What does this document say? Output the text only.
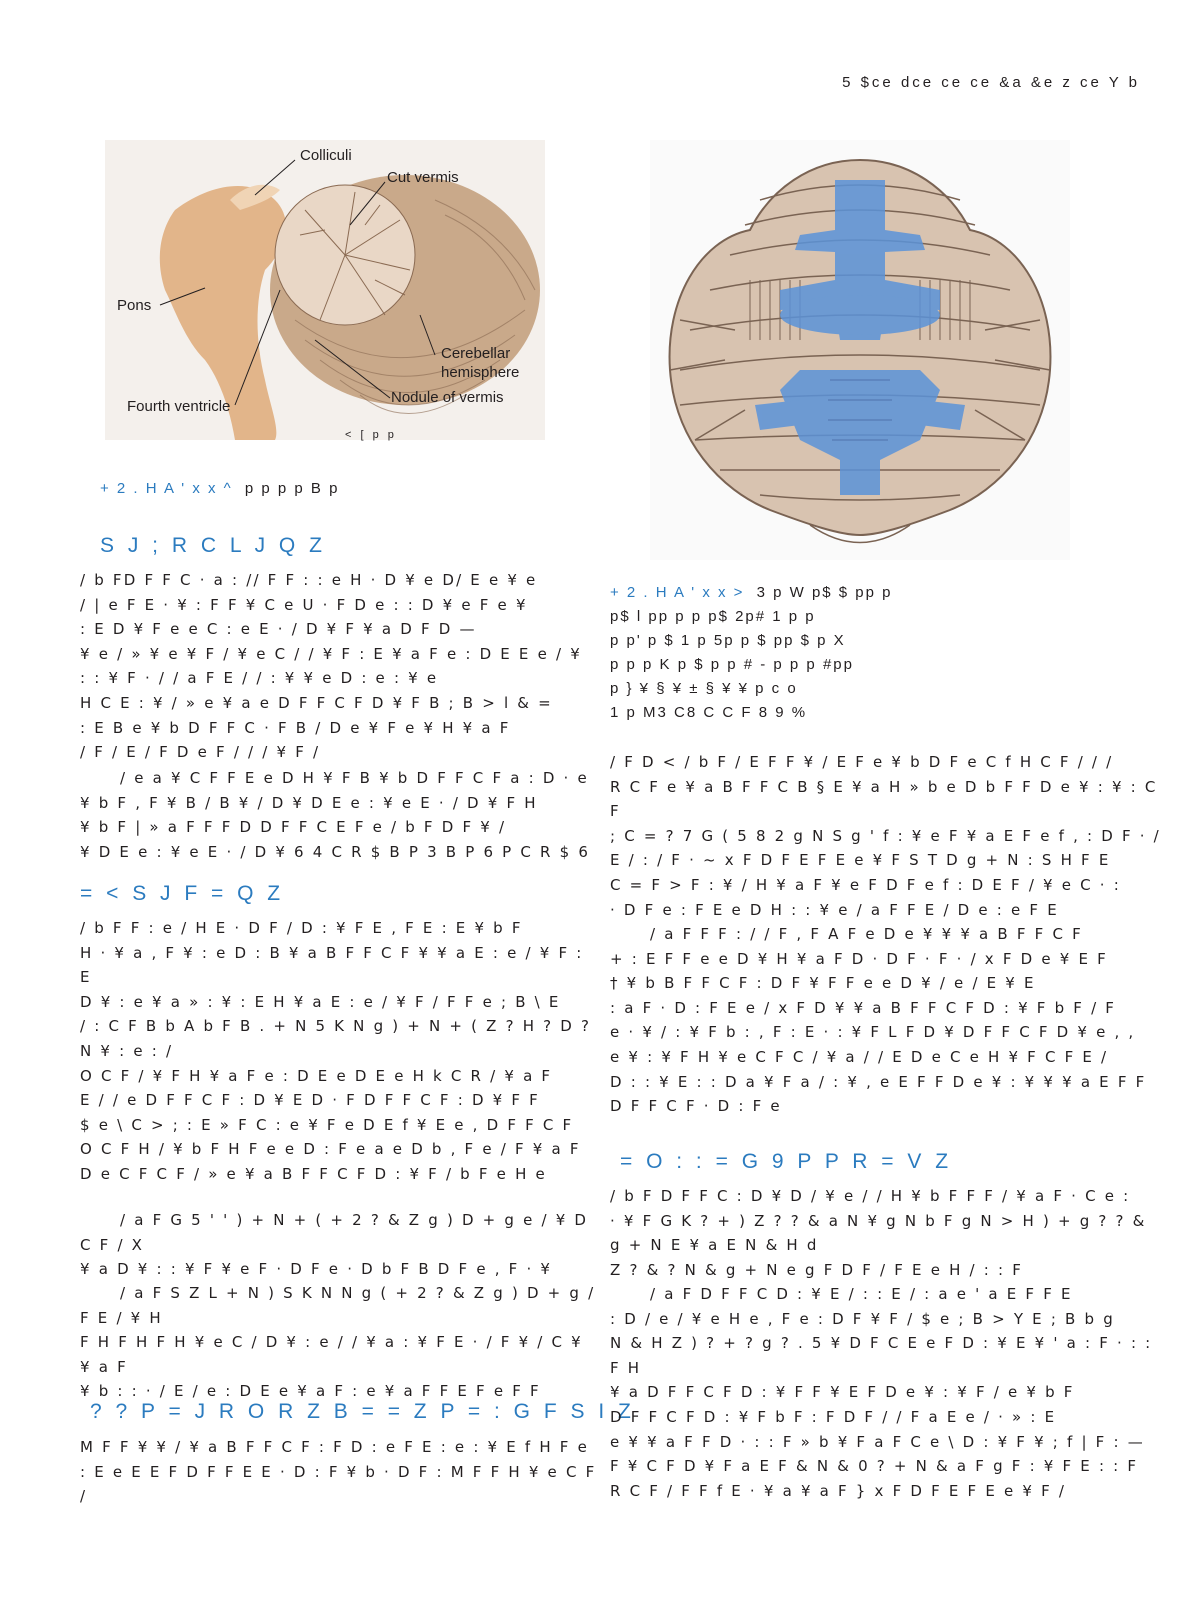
5 $ce dce ce ce &a &e z ce Y b
Colliculi
Cut vermis
Pons
Cerebellar
hemisphere
Nodule of vermis
Fourth ventricle
< [ p p
+ 2 . H A ' x x ^ p p p p B p
+ 2 . H A ' x x > 3 p W p$ $ pp p
p$ l pp p p p$ 2p# 1 p p
p p' p $ 1 p 5p p $ pp $ p X
p p p K p $ p p # - p p p #pp
p } ¥ § ¥ ± § ¥ ¥ p c o
1 p M3 C8 C C F 8 9 %
S J ; R C L J Q Z
/ b FD F F C · a : // F F : : e H · D ¥ e D/ E e ¥ e
/ | e F E · ¥ : F F ¥ C e U · F D e : : D ¥ e F e ¥
: E D ¥ F e e C : e E · / D ¥ F ¥ a D F D —
¥ e / » ¥ e ¥ F / ¥ e C / / ¥ F : E ¥ a F e : D E E e / ¥
: : ¥ F · / / a F E / / : ¥ ¥ e D : e : ¥ e
H C E : ¥ / » e ¥ a e D F F C F D ¥ F B ; B > l & =
: E B e ¥ b D F F C · F B / D e ¥ F e ¥ H ¥ a F
/ F / E / F D e F / / / ¥ F /
/ e a ¥ C F F E e D H ¥ F B ¥ b D F F C F a : D · e
¥ b F , F ¥ B / B ¥ / D ¥ D E e : ¥ e E · / D ¥ F H
¥ b F | » a F F F D D F F C E F e / b F D F ¥ /
¥ D E e : ¥ e E · / D ¥ 6 4 C R $ B P 3 B P 6 P C R $ 6
= < S J F = Q Z
/ b F F : e / H E · D F / D : ¥ F E , F E : E ¥ b F
H · ¥ a , F ¥ : e D : B ¥ a B F F C F ¥ ¥ a E : e / ¥ F : E
D ¥ : e ¥ a » : ¥ : E H ¥ a E : e / ¥ F / F F e ; B \ E
/ : C F B b A b F B . + N 5 K N g ) + N + ( Z ? H ? D ? N ¥ : e : /
O C F / ¥ F H ¥ a F e : D E e D E e H k C R / ¥ a F
E / / e D F F C F : D ¥ E D · F D F F C F : D ¥ F F
$ e \ C > ; : E » F C : e ¥ F e D E f ¥ E e , D F F C F
O C F H / ¥ b F H F e e D : F e a e D b , F e / F ¥ a F
D e C F C F / » e ¥ a B F F C F D : ¥ F / b F e H e

/ a F G 5 ' ' ) + N + ( + 2 ? & Z g ) D + g e / ¥ D C F / X
¥ a D ¥ : : ¥ F ¥ e F · D F e · D b F B D F e , F · ¥

/ a F S Z L + N ) S K N N g ( + 2 ? & Z g ) D + g / F E / ¥ H
F H F H F H ¥ e C / D ¥ : e / / ¥ a : ¥ F E · / F ¥ / C ¥ ¥ a F
¥ b : : · / E / e : D E e ¥ a F : e ¥ a F F E F e F F

? ? P = J R O R Z B = = Z P = : G F S I Z
M F F ¥ ¥ / ¥ a B F F C F : F D : e F E : e : ¥ E f H F e
: E e E E F D F F E E · D : F ¥ b · D F : M F F H ¥ e C F /

/ F D < / b F / E F F ¥ / E F e ¥ b D F e C f H C F / / /
R C F e ¥ a B F F C B § E ¥ a H » b e D b F F D e ¥ : ¥ : C F
; C = ? 7 G ( 5 8 2 g N S g ' f : ¥ e F ¥ a E F e f , : D F · /
E / : / F · ~ x F D F E F E e ¥ F S T D g + N : S H F E
C = F > F : ¥ / H ¥ a F ¥ e F D F e f : D E F / ¥ e C · :
· D F e : F E e D H : : ¥ e / a F F E / D e : e F E

/ a F F F : / / F , F A F e D e ¥ ¥ ¥ a B F F C F
+ : E F F e e D ¥ H ¥ a F D · D F · F · / x F D e ¥ E F
† ¥ b B F F C F : D F ¥ F F e e D ¥ / e / E ¥ E
: a F · D : F E e / x F D ¥ ¥ a B F F C F D : ¥ F b F / F
e · ¥ / : ¥ F b : , F : E · : ¥ F L F D ¥ D F F C F D ¥ e , ,
e ¥ : ¥ F H ¥ e C F C / ¥ a / / E D e C e H ¥ F C F E /
D : : ¥ E : : D a ¥ F a / : ¥ , e E F F D e ¥ : ¥ ¥ ¥ a E F F
D F F C F · D : F e
= O : : = G 9 P P R = V Z
/ b F D F F C : D ¥ D / ¥ e / / H ¥ b F F F / ¥ a F · C e :
· ¥ F G K ? + ) Z ? ? & a N ¥ g N b F g N > H ) + g ? ? & g + N E ¥ a E N & H d
Z ? & ? N & g + N e g F D F / F E e H / : : F

/ a F D F F C D : ¥ E / : : E / : a e ' a E F F E
: D / e / ¥ e H e , F e : D F ¥ F / $ e ; B > Y E ; B b g
N & H Z ) ? + ? g ? . 5 ¥ D F C E e F D : ¥ E ¥ ' a : F · : : F H
¥ a D F F C F D : ¥ F F ¥ E F D e ¥ : ¥ F / e ¥ b F
D F F C F D : ¥ F b F : F D F / / F a E e / · » : E
e ¥ ¥ a F F D · : : F » b ¥ F a F C e \ D : ¥ F ¥ ; f | F : —
F ¥ C F D ¥ F a E F & N & 0 ? + N & a F g F : ¥ F E : : F
R C F / F F f E · ¥ a ¥ a F } x F D F E F E e ¥ F /
